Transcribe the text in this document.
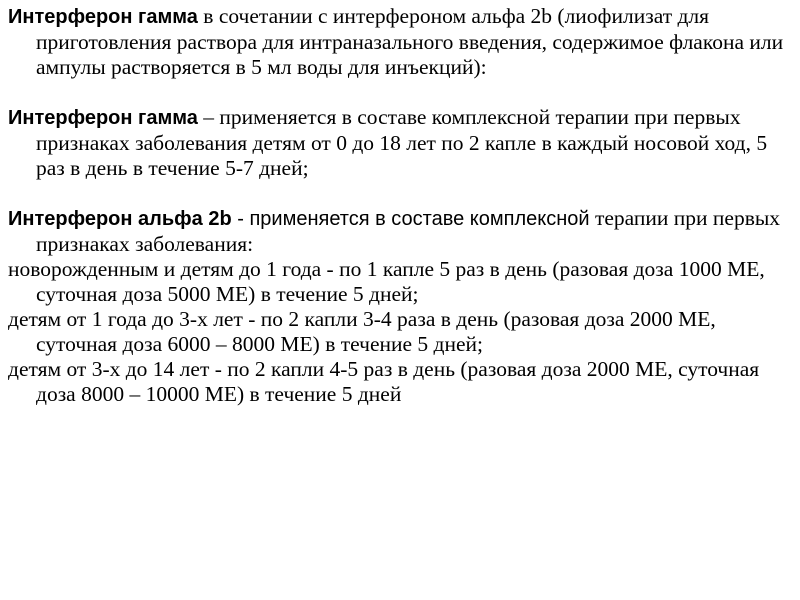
Интерферон гамма в сочетании с интерфероном альфа 2b (лиофилизат для приготовления раствора для интраназального введения, содержимое флакона или ампулы растворяется в 5 мл воды для инъекций):

Интерферон гамма – применяется в составе комплексной терапии при первых признаках заболевания детям от 0 до 18 лет по 2 капле в каждый носовой ход, 5 раз в день в течение 5-7 дней;

Интерферон альфа 2b - применяется в составе комплексной терапии при первых признаках заболевания:

новорожденным и детям до 1 года - по 1 капле 5 раз в день (разовая доза 1000 МЕ, суточная доза 5000 МЕ) в течение 5 дней;

детям от 1 года до 3-х лет - по 2 капли 3-4 раза в день (разовая доза 2000 МЕ, суточная доза 6000 – 8000 МЕ) в течение 5 дней;

детям от 3-х до 14 лет - по 2 капли 4-5 раз в день (разовая доза 2000 МЕ, суточная доза 8000 – 10000 МЕ) в течение 5 дней
